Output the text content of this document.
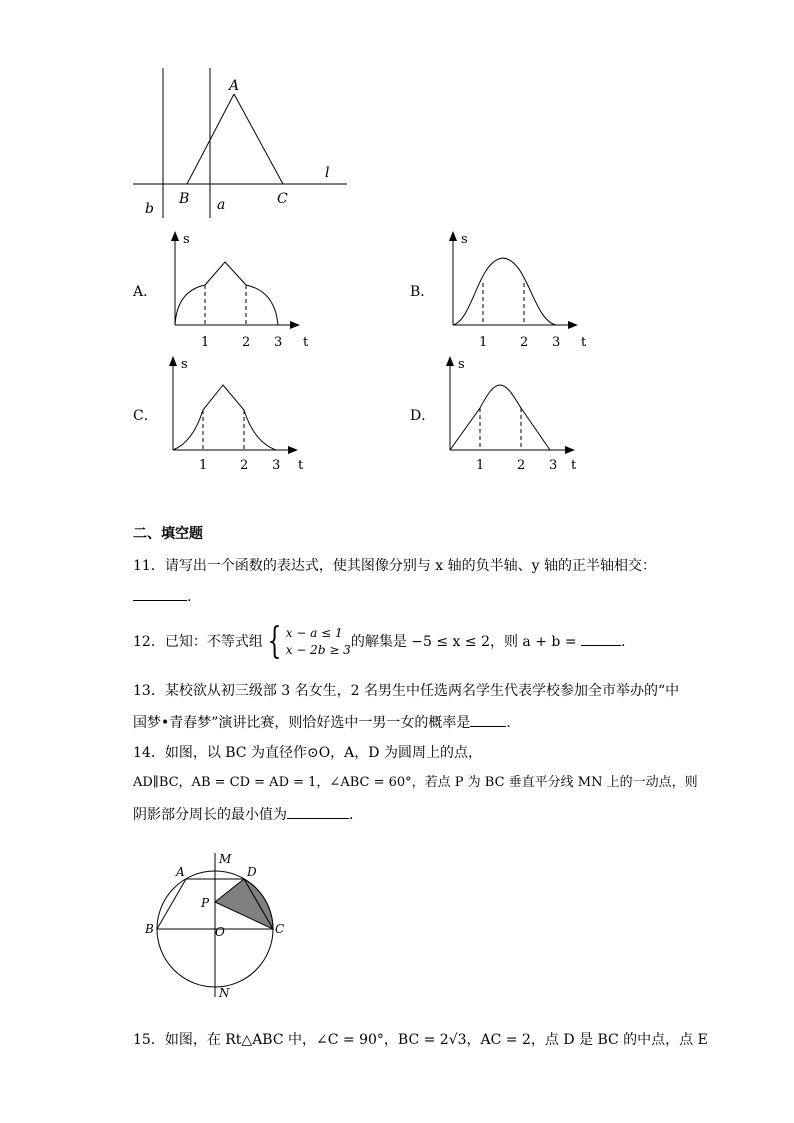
A
B	C
a
b
l
A．	B．
C．	D．
s
t
1	2 3
s
t
1	2 3
s
t
1	2 3
s
t
1	2 3
二、填空题
11．请写出一个函数的表达式，使其图像分别与 x 轴的负半轴、y 轴的正半轴相交：
.
12．已知：不等式组 { x − a ≤ 1
x − 2b ≥ 3的解集是 −5 ≤ x ≤ 2，则 a + b =	.
13．某校欲从初三级部 3 名女生，2 名男生中任选两名学生代表学校参加全市举办的“中
国梦•青春梦”演讲比赛，则恰好选中一男一女的概率是	.
14．如图，以 BC 为直径作⊙O，A，D 为圆周上的点，
AD∥BC，AB = CD = AD = 1，∠ABC = 60°，若点 P 为 BC 垂直平分线 MN 上的一动点，则
阴影部分周长的最小值为	.
A
M
D
P
B	O	C
N
15．如图，在 Rt△ABC 中，∠C = 90°，BC = 2√3，AC = 2，点 D 是 BC 的中点，点 E
